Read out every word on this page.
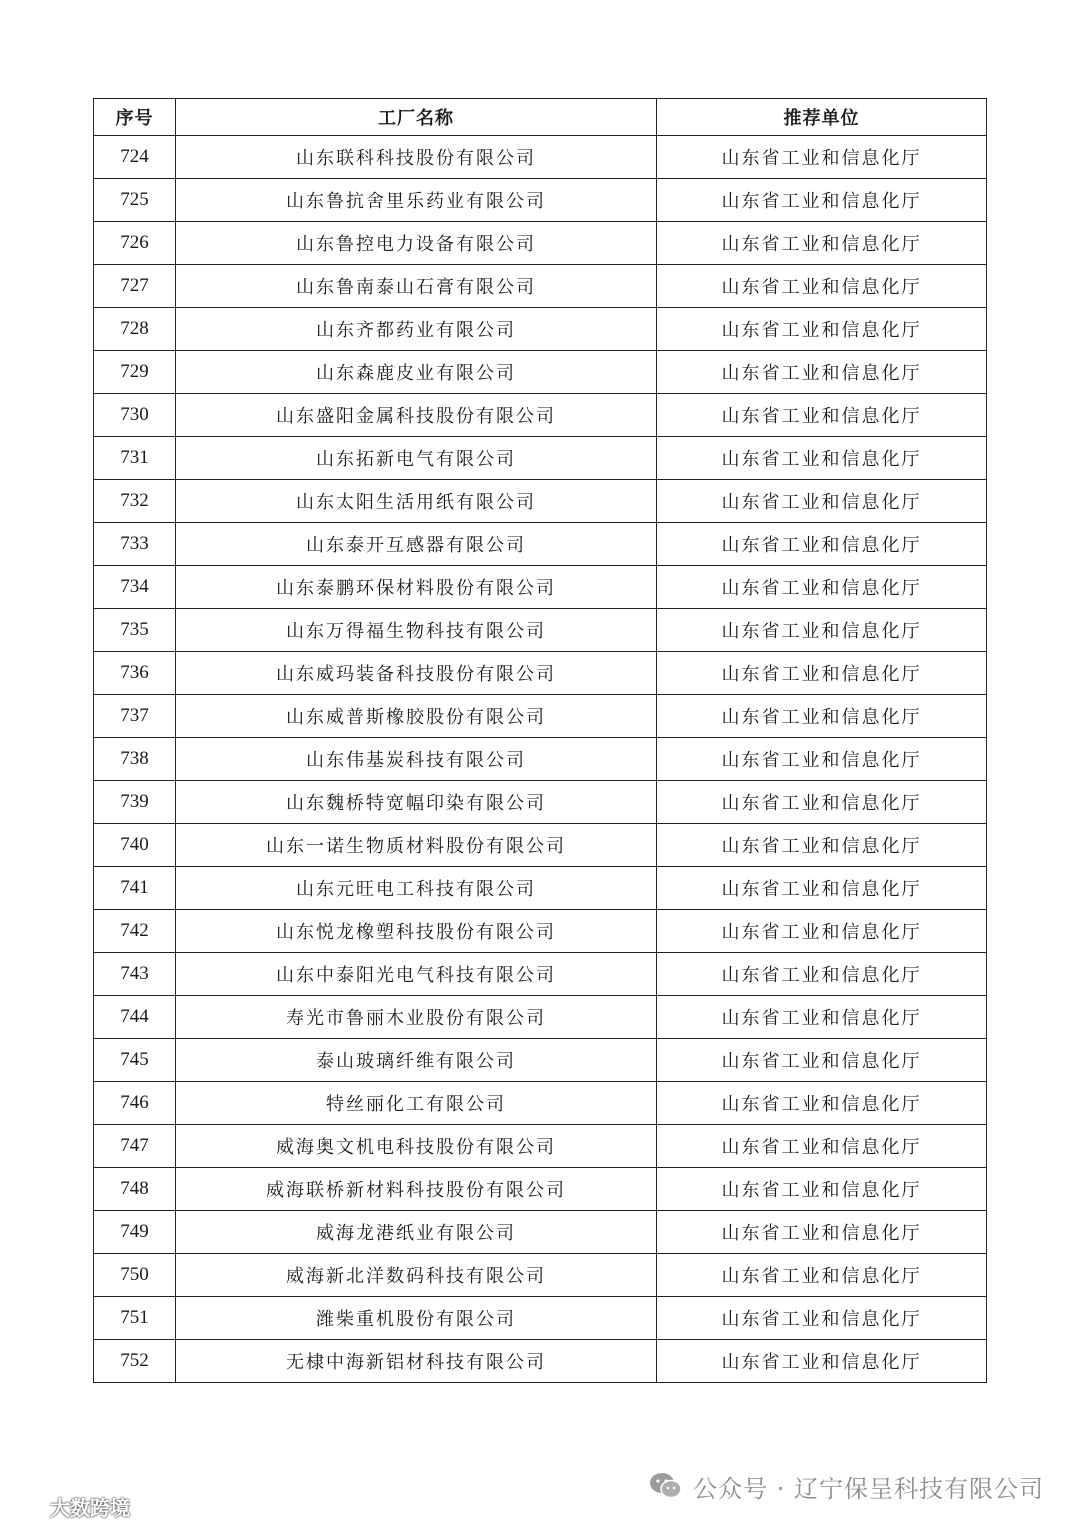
序号	工厂名称	推荐单位
724	山东联科科技股份有限公司	山东省工业和信息化厅
725	山东鲁抗舍里乐药业有限公司	山东省工业和信息化厅
726	山东鲁控电力设备有限公司	山东省工业和信息化厅
727	山东鲁南泰山石膏有限公司	山东省工业和信息化厅
728	山东齐都药业有限公司	山东省工业和信息化厅
729	山东森鹿皮业有限公司	山东省工业和信息化厅
730	山东盛阳金属科技股份有限公司	山东省工业和信息化厅
731	山东拓新电气有限公司	山东省工业和信息化厅
732	山东太阳生活用纸有限公司	山东省工业和信息化厅
733	山东泰开互感器有限公司	山东省工业和信息化厅
734	山东泰鹏环保材料股份有限公司	山东省工业和信息化厅
735	山东万得福生物科技有限公司	山东省工业和信息化厅
736	山东威玛装备科技股份有限公司	山东省工业和信息化厅
737	山东威普斯橡胶股份有限公司	山东省工业和信息化厅
738	山东伟基炭科技有限公司	山东省工业和信息化厅
739	山东魏桥特宽幅印染有限公司	山东省工业和信息化厅
740	山东一诺生物质材料股份有限公司	山东省工业和信息化厅
741	山东元旺电工科技有限公司	山东省工业和信息化厅
742	山东悦龙橡塑科技股份有限公司	山东省工业和信息化厅
743	山东中泰阳光电气科技有限公司	山东省工业和信息化厅
744	寿光市鲁丽木业股份有限公司	山东省工业和信息化厅
745	泰山玻璃纤维有限公司	山东省工业和信息化厅
746	特丝丽化工有限公司	山东省工业和信息化厅
747	威海奥文机电科技股份有限公司	山东省工业和信息化厅
748	威海联桥新材料科技股份有限公司	山东省工业和信息化厅
749	威海龙港纸业有限公司	山东省工业和信息化厅
750	威海新北洋数码科技有限公司	山东省工业和信息化厅
751	潍柴重机股份有限公司	山东省工业和信息化厅
752	无棣中海新铝材科技有限公司	山东省工业和信息化厅
公众号 · 辽宁保呈科技有限公司
大数跨境
